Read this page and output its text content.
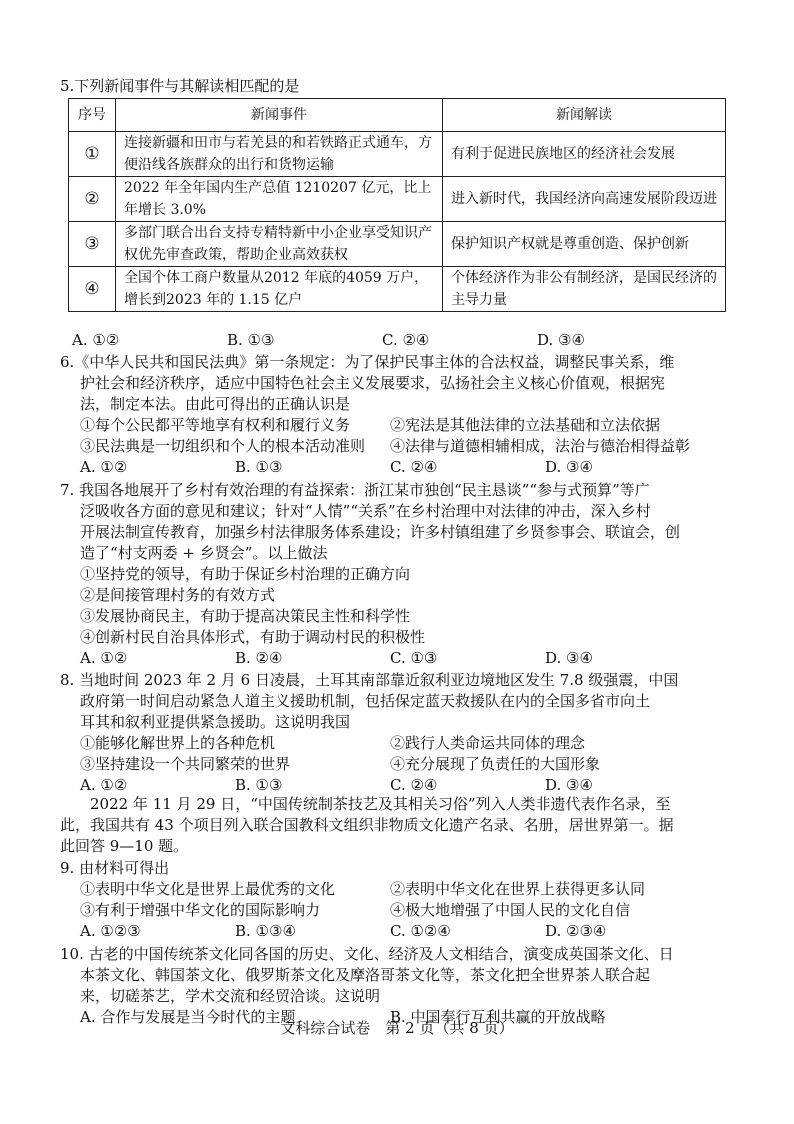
5.下列新闻事件与其解读相匹配的是
序号	新闻事件	新闻解读
①	连接新疆和田市与若羌县的和若铁路正式通车，方便沿线各族群众的出行和货物运输	有利于促进民族地区的经济社会发展
②	2022 年全年国内生产总值 1210207 亿元，比上年增长 3.0%	进入新时代，我国经济向高速发展阶段迈进
③	多部门联合出台支持专精特新中小企业享受知识产权优先审查政策，帮助企业高效获权	保护知识产权就是尊重创造、保护创新
④	全国个体工商户数量从2012 年底的4059 万户，增长到2023 年的 1.15 亿户	个体经济作为非公有制经济，是国民经济的主导力量
A. ①②	B. ①③	C. ②④	D. ③④
6.《中华人民共和国民法典》第一条规定：为了保护民事主体的合法权益，调整民事关系，维
护社会和经济秩序，适应中国特色社会主义发展要求，弘扬社会主义核心价值观，根据宪
法，制定本法。由此可得出的正确认识是
①每个公民都平等地享有权利和履行义务	②宪法是其他法律的立法基础和立法依据
③民法典是一切组织和个人的根本活动准则	④法律与道德相辅相成，法治与德治相得益彰
A. ①②	B. ①③	C. ②④	D. ③④
7. 我国各地展开了乡村有效治理的有益探索：浙江某市独创“民主恳谈”“参与式预算”等广
泛吸收各方面的意见和建议；针对“人情”“关系”在乡村治理中对法律的冲击，深入乡村
开展法制宣传教育，加强乡村法律服务体系建设；许多村镇组建了乡贤参事会、联谊会，创
造了“村支两委 + 乡贤会”。以上做法
①坚持党的领导，有助于保证乡村治理的正确方向
②是间接管理村务的有效方式
③发展协商民主，有助于提高决策民主性和科学性
④创新村民自治具体形式，有助于调动村民的积极性
A. ①②	B. ②④	C. ①③	D. ③④
8. 当地时间 2023 年 2 月 6 日凌晨，土耳其南部靠近叙利亚边境地区发生 7.8 级强震，中国
政府第一时间启动紧急人道主义援助机制，包括保定蓝天救援队在内的全国多省市向土
耳其和叙利亚提供紧急援助。这说明我国
①能够化解世界上的各种危机	②践行人类命运共同体的理念
③坚持建设一个共同繁荣的世界	④充分展现了负责任的大国形象
A. ①②	B. ①③	C. ②④	D. ③④
2022 年 11 月 29 日，“中国传统制茶技艺及其相关习俗”列入人类非遗代表作名录，至
此，我国共有 43 个项目列入联合国教科文组织非物质文化遗产名录、名册，居世界第一。据
此回答 9—10 题。
9. 由材料可得出
①表明中华文化是世界上最优秀的文化	②表明中华文化在世界上获得更多认同
③有利于增强中华文化的国际影响力	④极大地增强了中国人民的文化自信
A. ①②③	B. ①③④	C. ①②④	D. ②③④
10. 古老的中国传统茶文化同各国的历史、文化、经济及人文相结合，演变成英国茶文化、日
本茶文化、韩国茶文化、俄罗斯茶文化及摩洛哥茶文化等，茶文化把全世界茶人联合起
来，切磋茶艺，学术交流和经贸洽谈。这说明
A. 合作与发展是当今时代的主题	B. 中国奉行互利共赢的开放战略
文科综合试卷　第 2 页（共 8 页）
